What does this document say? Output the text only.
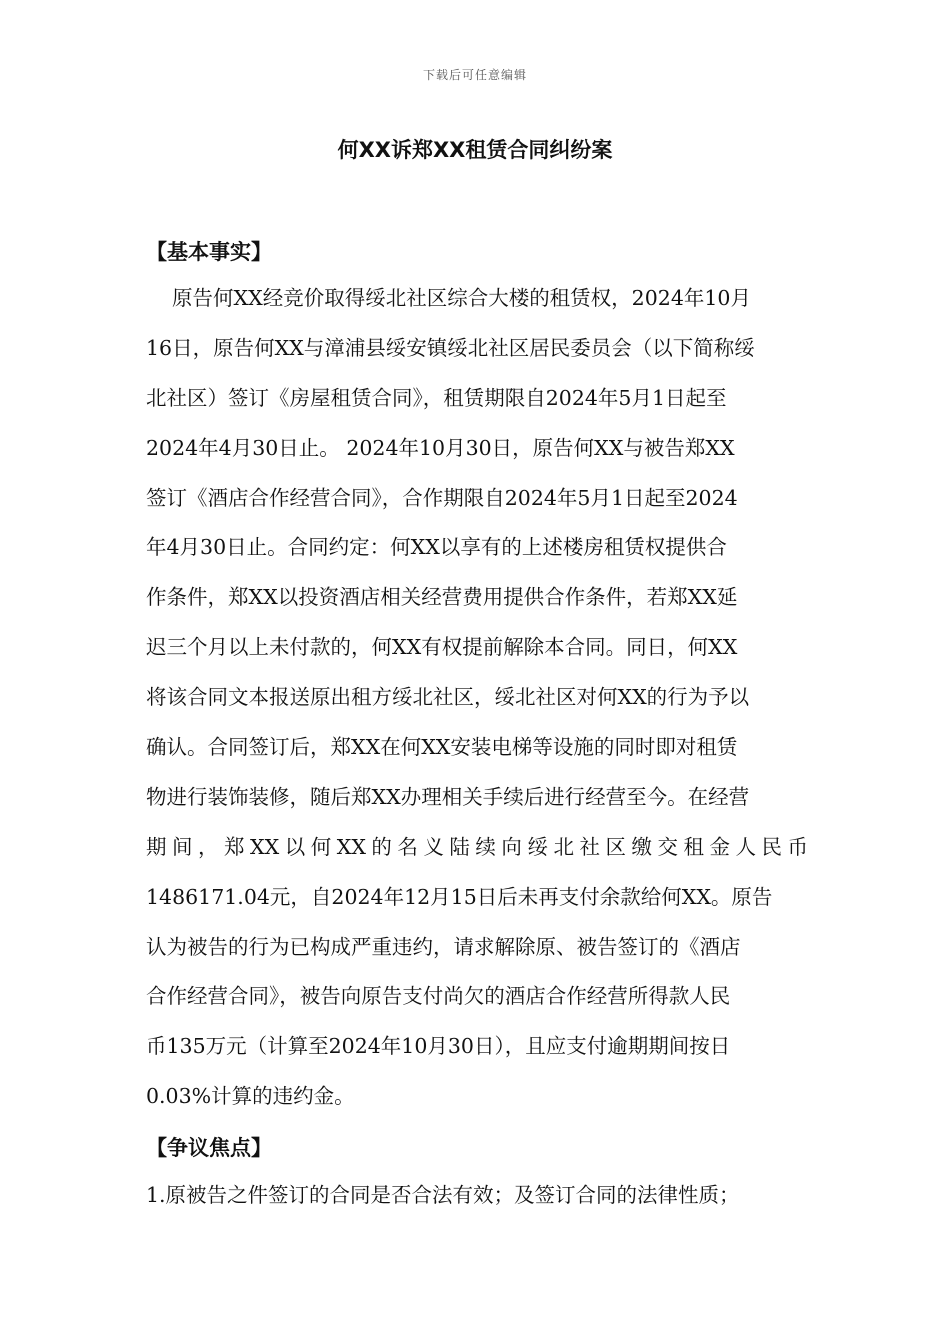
下载后可任意编辑
何XX诉郑XX租赁合同纠纷案
【基本事实】
原告何XX经竞价取得绥北社区综合大楼的租赁权，2024年10月
16日，原告何XX与漳浦县绥安镇绥北社区居民委员会（以下简称绥
北社区）签订《房屋租赁合同》，租赁期限自2024年5月1日起至
2024年4月30日止。 2024年10月30日，原告何XX与被告郑XX
签订《酒店合作经营合同》，合作期限自2024年5月1日起至2024
年4月30日止。合同约定：何XX以享有的上述楼房租赁权提供合
作条件，郑XX以投资酒店相关经营费用提供合作条件，若郑XX延
迟三个月以上未付款的，何XX有权提前解除本合同。同日，何XX
将该合同文本报送原出租方绥北社区，绥北社区对何XX的行为予以
确认。合同签订后，郑XX在何XX安装电梯等设施的同时即对租赁
物进行装饰装修，随后郑XX办理相关手续后进行经营至今。在经营
期间，郑XX以何XX的名义陆续向绥北社区缴交租金人民币
1486171.04元，自2024年12月15日后未再支付余款给何XX。原告
认为被告的行为已构成严重违约，请求解除原、被告签订的《酒店
合作经营合同》，被告向原告支付尚欠的酒店合作经营所得款人民
币135万元（计算至2024年10月30日），且应支付逾期期间按日
0.03%计算的违约金。
【争议焦点】
1.原被告之件签订的合同是否合法有效；及签订合同的法律性质；
